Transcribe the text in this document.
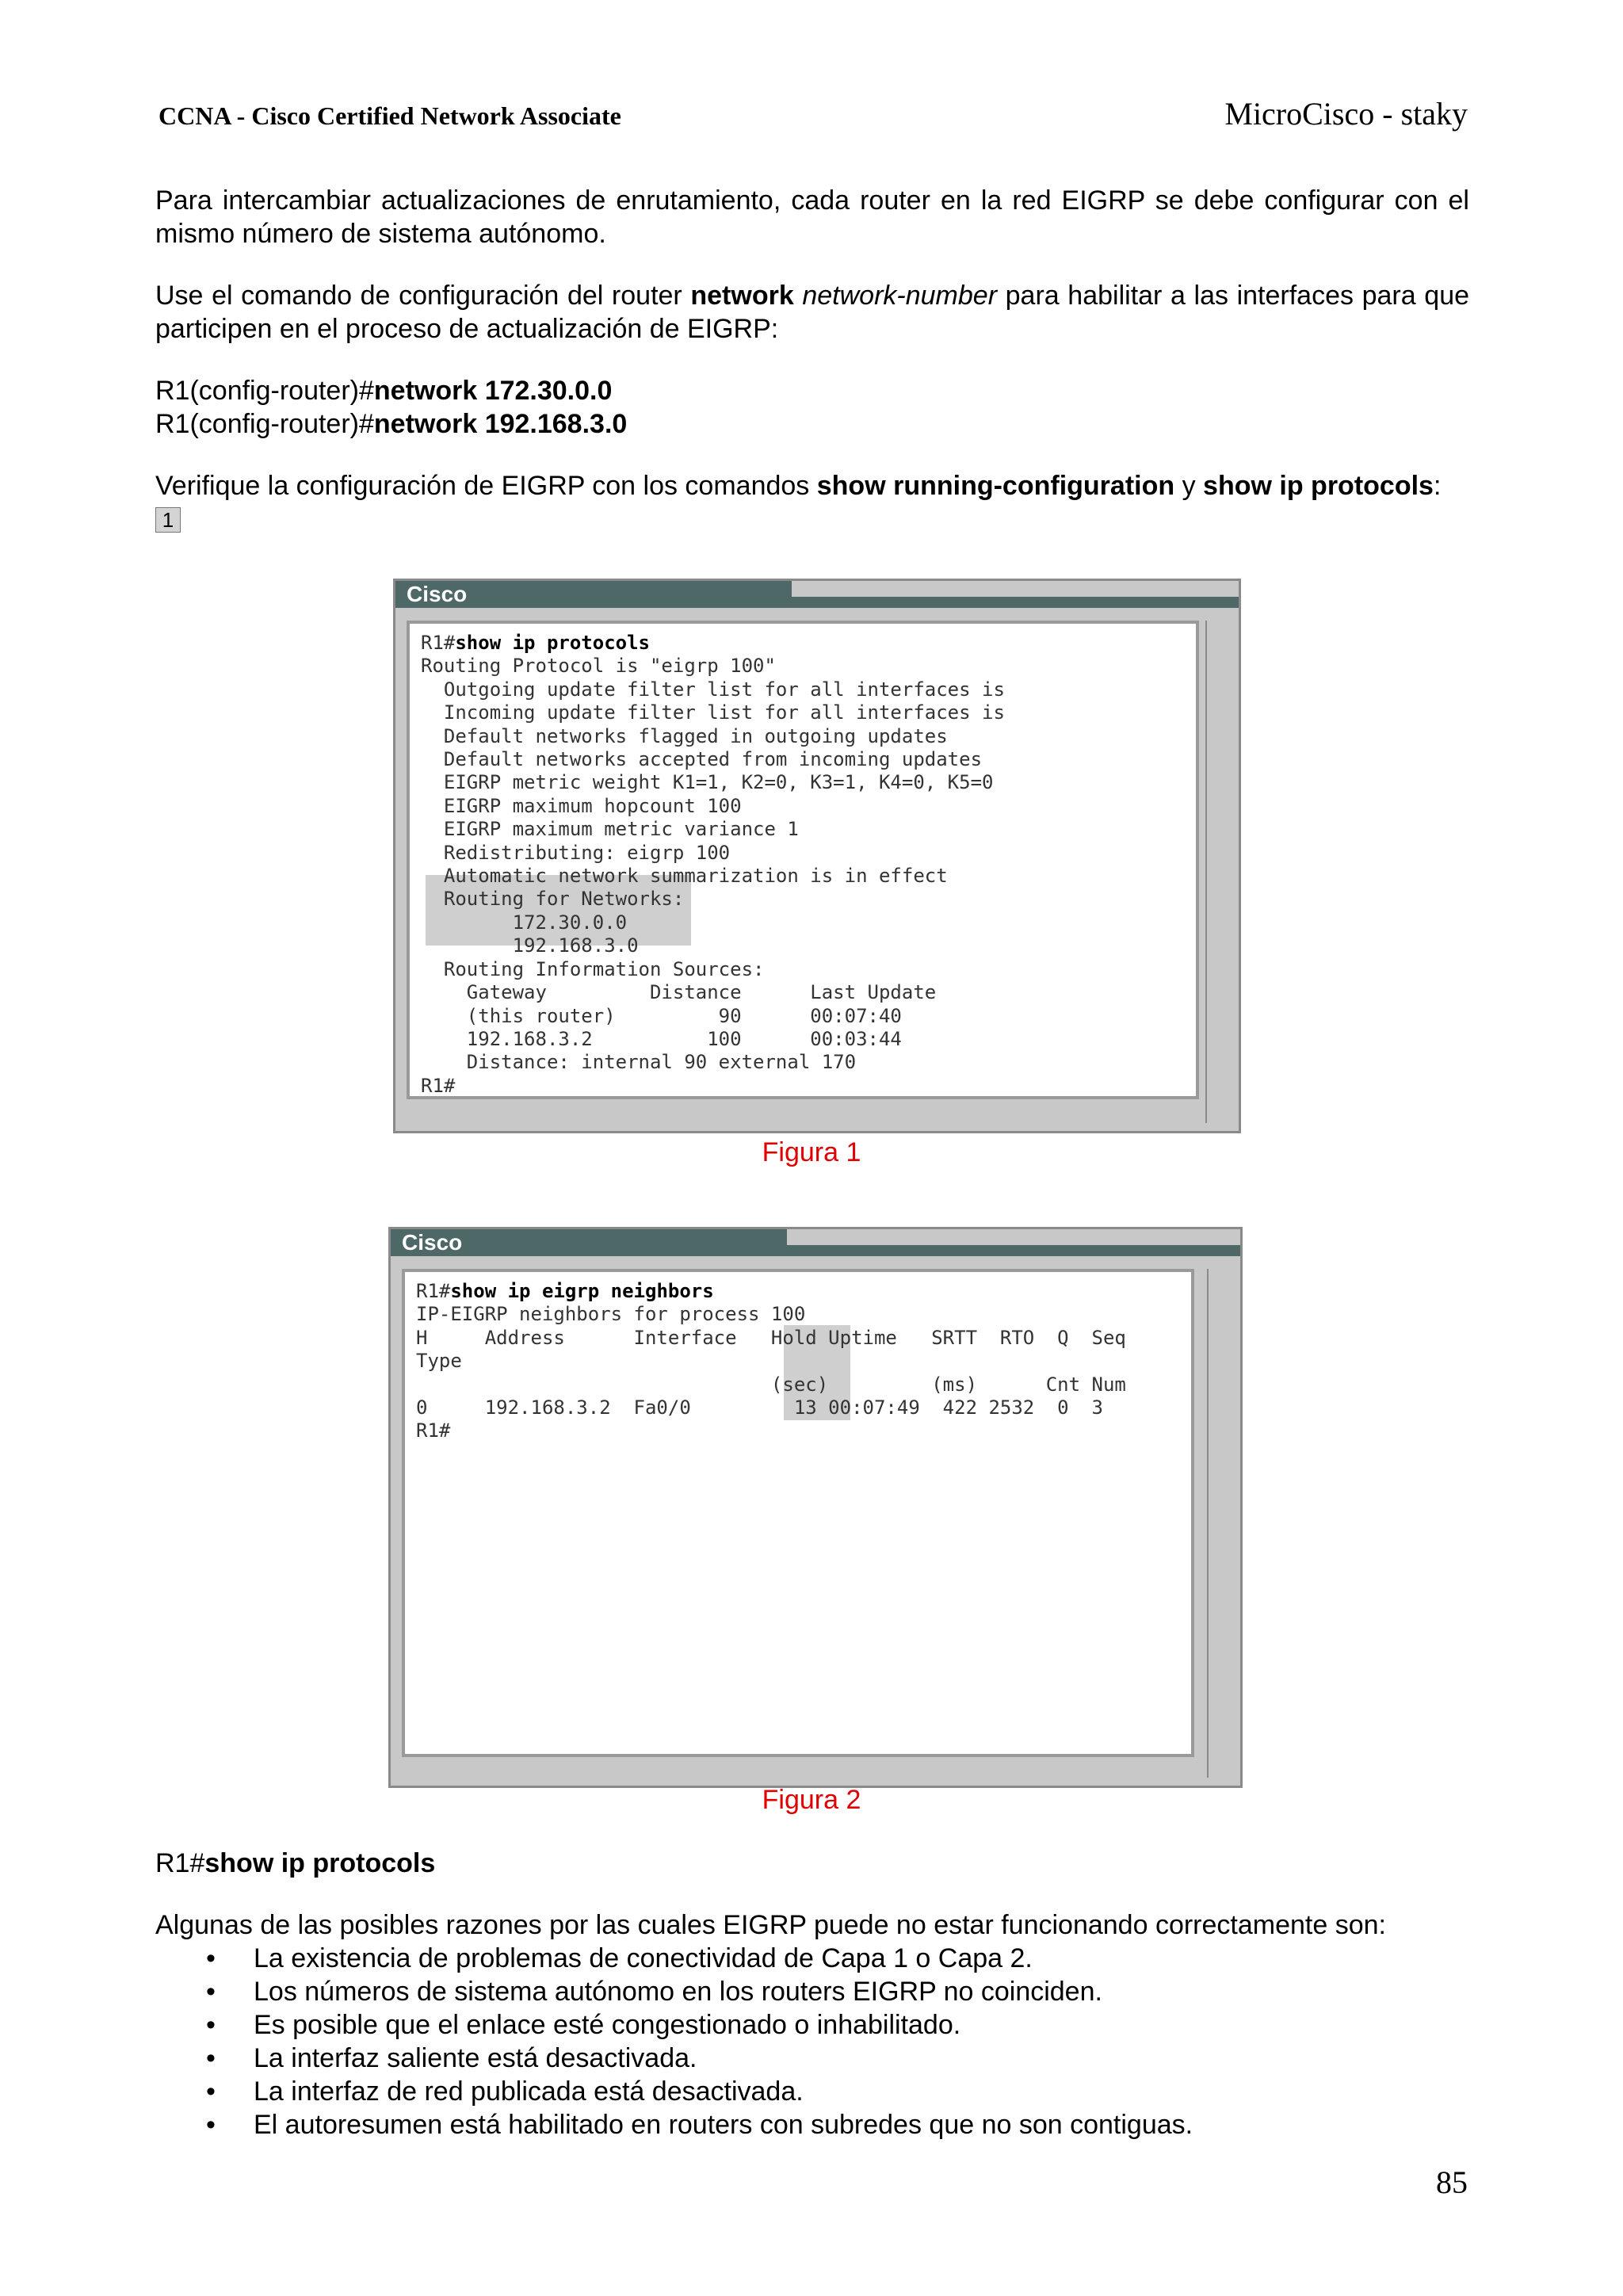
CCNA - Cisco Certified Network Associate	MicroCisco - staky

Para intercambiar actualizaciones de enrutamiento, cada router en la red EIGRP se debe configurar con el mismo número de sistema autónomo.

Use el comando de configuración del router network network-number para habilitar a las interfaces para que participen en el proceso de actualización de EIGRP:

R1(config-router)#network 172.30.0.0
R1(config-router)#network 192.168.3.0

Verifique la configuración de EIGRP con los comandos show running-configuration y show ip protocols:

1
Cisco
R1#show ip protocols
Routing Protocol is "eigrp 100"
Outgoing update filter list for all interfaces is
Incoming update filter list for all interfaces is
Default networks flagged in outgoing updates
Default networks accepted from incoming updates
EIGRP metric weight K1=1, K2=0, K3=1, K4=0, K5=0
EIGRP maximum hopcount 100
EIGRP maximum metric variance 1
Redistributing: eigrp 100
Automatic network summarization is in effect
Routing for Networks:
172.30.0.0
192.168.3.0
Routing Information Sources:
Gateway         Distance      Last Update
(this router)         90      00:07:40
192.168.3.2          100      00:03:44
Distance: internal 90 external 170
R1#
Figura 1
Cisco
R1#show ip eigrp neighbors
IP-EIGRP neighbors for process 100
H     Address      Interface   Hold Uptime   SRTT  RTO  Q  Seq
Type
(sec)         (ms)      Cnt Num
0     192.168.3.2  Fa0/0         13 00:07:49  422 2532  0  3
R1#
Figura 2
R1#show ip protocols

Algunas de las posibles razones por las cuales EIGRP puede no estar funcionando correctamente son:

• La existencia de problemas de conectividad de Capa 1 o Capa 2.
• Los números de sistema autónomo en los routers EIGRP no coinciden.
• Es posible que el enlace esté congestionado o inhabilitado.
• La interfaz saliente está desactivada.
• La interfaz de red publicada está desactivada.
• El autoresumen está habilitado en routers con subredes que no son contiguas.
85
